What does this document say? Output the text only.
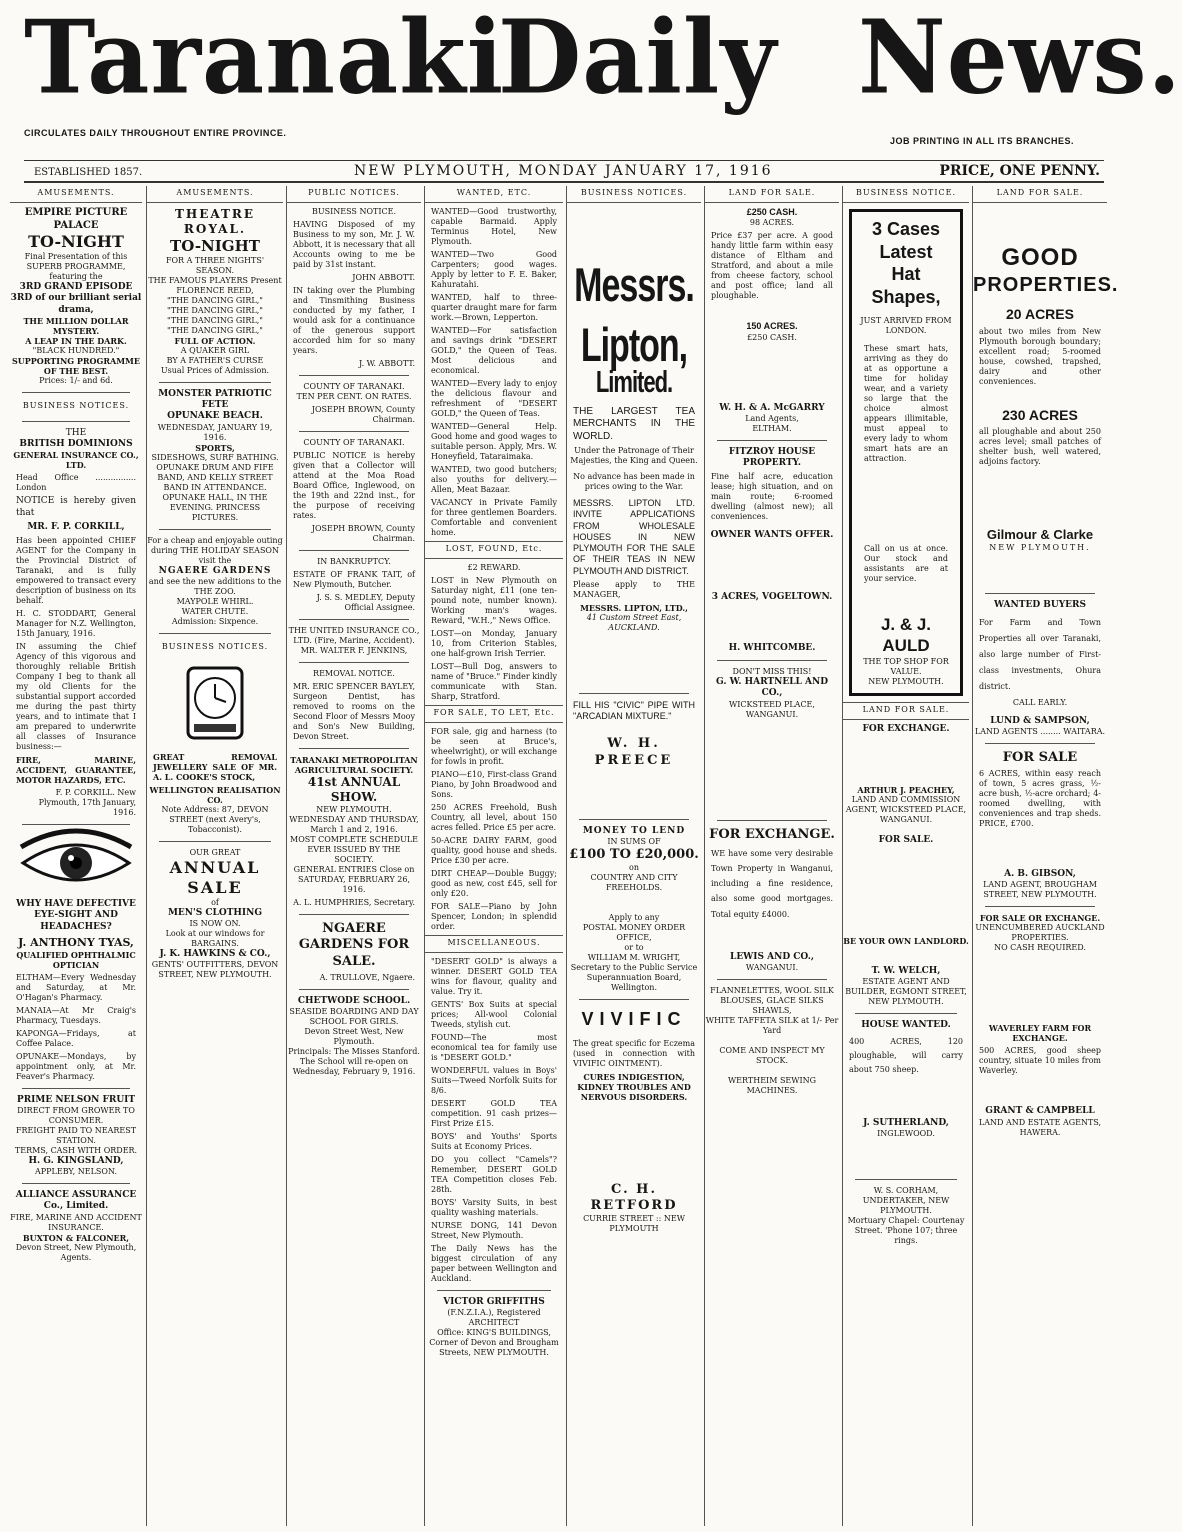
Taranaki
Daily News.
CIRCULATES DAILY THROUGHOUT ENTIRE PROVINCE.
JOB PRINTING IN ALL ITS BRANCHES.
ESTABLISHED 1857.	NEW PLYMOUTH, MONDAY JANUARY 17, 1916	PRICE, ONE PENNY.
AMUSEMENTS.
EMPIRE PICTURE PALACE
TO-NIGHT
Final Presentation of this SUPERB PROGRAMME, featuring the
3RD GRAND EPISODE 3RD of our brilliant serial drama,
THE MILLION DOLLAR MYSTERY.
A LEAP IN THE DARK.
"BLACK HUNDRED."
SUPPORTING PROGRAMME OF THE BEST.
Prices: 1/- and 6d.
BUSINESS NOTICES.
THE
BRITISH DOMINIONS
GENERAL INSURANCE CO., LTD.
Head Office ................ London
NOTICE is hereby given that
MR. F. P. CORKILL,
Has been appointed CHIEF AGENT for the Company in the Provincial District of Taranaki, and is fully empowered to transact every description of business on its behalf.
H. C. STODDART, General Manager for N.Z. Wellington, 15th January, 1916.
IN assuming the Chief Agency of this vigorous and thoroughly reliable British Company I beg to thank all my old Clients for the substantial support accorded me during the past thirty years, and to intimate that I am prepared to underwrite all classes of Insurance business:—
FIRE, MARINE, ACCIDENT, GUARANTEE, MOTOR HAZARDS, ETC.
F. P. CORKILL. New Plymouth, 17th January, 1916.
WHY HAVE DEFECTIVE EYE-SIGHT AND HEADACHES?
J. ANTHONY TYAS,
QUALIFIED OPHTHALMIC OPTICIAN
ELTHAM—Every Wednesday and Saturday, at Mr. O'Hagan's Pharmacy.
MANAIA—At Mr Craig's Pharmacy, Tuesdays.
KAPONGA—Fridays, at Coffee Palace.
OPUNAKE—Mondays, by appointment only, at Mr. Feaver's Pharmacy.
PRIME NELSON FRUIT
DIRECT FROM GROWER TO CONSUMER.
FREIGHT PAID TO NEAREST STATION.
TERMS, CASH WITH ORDER.
H. G. KINGSLAND,
APPLEBY, NELSON.
ALLIANCE ASSURANCE Co., Limited.
FIRE, MARINE AND ACCIDENT INSURANCE.
BUXTON & FALCONER,
Devon Street, New Plymouth, Agents.
AMUSEMENTS.
THEATRE ROYAL.
TO-NIGHT
FOR A THREE NIGHTS' SEASON.
THE FAMOUS PLAYERS Present FLORENCE REED,
"THE DANCING GIRL,"
"THE DANCING GIRL,"
"THE DANCING GIRL,"
"THE DANCING GIRL,"
FULL OF ACTION.
A QUAKER GIRL
BY A FATHER'S CURSE
Usual Prices of Admission.
MONSTER PATRIOTIC FETE
OPUNAKE BEACH.
WEDNESDAY, JANUARY 19, 1916.
SPORTS,
SIDESHOWS, SURF BATHING.
OPUNAKE DRUM AND FIFE BAND, AND KELLY STREET BAND IN ATTENDANCE.
OPUNAKE HALL, IN THE EVENING. PRINCESS PICTURES.
For a cheap and enjoyable outing during THE HOLIDAY SEASON visit the
NGAERE GARDENS
and see the new additions to the THE ZOO.
MAYPOLE WHIRL.
WATER CHUTE.
Admission: Sixpence.
BUSINESS NOTICES.
GREAT REMOVAL JEWELLERY SALE OF MR. A. L. COOKE'S STOCK,
WELLINGTON REALISATION CO.
Note Address: 87, DEVON STREET (next Avery's, Tobacconist).
OUR GREAT
ANNUAL SALE
of
MEN'S CLOTHING
IS NOW ON.
Look at our windows for BARGAINS.
J. K. HAWKINS & CO.,
GENTS' OUTFITTERS, DEVON STREET, NEW PLYMOUTH.
PUBLIC NOTICES.
BUSINESS NOTICE.
HAVING Disposed of my Business to my son, Mr. J. W. Abbott, it is necessary that all Accounts owing to me be paid by 31st instant.
JOHN ABBOTT.
IN taking over the Plumbing and Tinsmithing Business conducted by my father, I would ask for a continuance of the generous support accorded him for so many years.
J. W. ABBOTT.
COUNTY OF TARANAKI.
TEN PER CENT. ON RATES.
JOSEPH BROWN, County Chairman.
COUNTY OF TARANAKI.
PUBLIC NOTICE is hereby given that a Collector will attend at the Moa Road Board Office, Inglewood, on the 19th and 22nd inst., for the purpose of receiving rates.
JOSEPH BROWN, County Chairman.
IN BANKRUPTCY.
ESTATE OF FRANK TAIT, of New Plymouth, Butcher.
J. S. S. MEDLEY, Deputy Official Assignee.
THE UNITED INSURANCE CO., LTD. (Fire, Marine, Accident).
MR. WALTER F. JENKINS,
REMOVAL NOTICE.
MR. ERIC SPENCER BAYLEY, Surgeon Dentist, has removed to rooms on the Second Floor of Messrs Mooy and Son's New Building, Devon Street.
TARANAKI METROPOLITAN AGRICULTURAL SOCIETY.
41st ANNUAL SHOW.
NEW PLYMOUTH.
WEDNESDAY AND THURSDAY, March 1 and 2, 1916.
MOST COMPLETE SCHEDULE EVER ISSUED BY THE SOCIETY.
GENERAL ENTRIES Close on SATURDAY, FEBRUARY 26, 1916.
A. L. HUMPHRIES, Secretary.
NGAERE GARDENS FOR SALE.
A. TRULLOVE, Ngaere.
CHETWODE SCHOOL.
SEASIDE BOARDING AND DAY SCHOOL FOR GIRLS.
Devon Street West, New Plymouth.
Principals: The Misses Stanford.
The School will re-open on Wednesday, February 9, 1916.
WANTED, ETC.
WANTED—Good trustworthy, capable Barmaid. Apply Terminus Hotel, New Plymouth.
WANTED—Two Good Carpenters; good wages. Apply by letter to F. E. Baker, Kahuratahi.
WANTED, half to three-quarter draught mare for farm work.—Brown, Lepperton.
WANTED—For satisfaction and savings drink "DESERT GOLD," the Queen of Teas. Most delicious and economical.
WANTED—Every lady to enjoy the delicious flavour and refreshment of "DESERT GOLD," the Queen of Teas.
WANTED—General Help. Good home and good wages to suitable person. Apply, Mrs. W. Honeyfield, Tataraimaka.
WANTED, two good butchers; also youths for delivery.—Allen, Meat Bazaar.
VACANCY in Private Family for three gentlemen Boarders. Comfortable and convenient home.
LOST, FOUND, Etc.
£2 REWARD.
LOST in New Plymouth on Saturday night, £11 (one ten-pound note, number known). Working man's wages. Reward, "W.H.," News Office.
LOST—on Monday, January 10, from Criterion Stables, one half-grown Irish Terrier.
LOST—Bull Dog, answers to name of "Bruce." Finder kindly communicate with Stan. Sharp, Stratford.
FOR SALE, TO LET, Etc.
FOR sale, gig and harness (to be seen at Bruce's, wheelwright), or will exchange for fowls in profit.
PIANO—£10, First-class Grand Piano, by John Broadwood and Sons.
250 ACRES Freehold, Bush Country, all level, about 150 acres felled. Price £5 per acre.
50-ACRE DAIRY FARM, good quality, good house and sheds. Price £30 per acre.
DIRT CHEAP—Double Buggy; good as new, cost £45, sell for only £20.
FOR SALE—Piano by John Spencer, London; in splendid order.
MISCELLANEOUS.
"DESERT GOLD" is always a winner. DESERT GOLD TEA wins for flavour, quality and value. Try it.
GENTS' Box Suits at special prices; All-wool Colonial Tweeds, stylish cut.
FOUND—The most economical tea for family use is "DESERT GOLD."
WONDERFUL values in Boys' Suits—Tweed Norfolk Suits for 8/6.
DESERT GOLD TEA competition. 91 cash prizes—First Prize £15.
BOYS' and Youths' Sports Suits at Economy Prices.
DO you collect "Camels"? Remember, DESERT GOLD TEA Competition closes Feb. 28th.
BOYS' Varsity Suits, in best quality washing materials.
NURSE DONG, 141 Devon Street, New Plymouth.
The Daily News has the biggest circulation of any paper between Wellington and Auckland.
VICTOR GRIFFITHS
(F.N.Z.I.A.), Registered ARCHITECT
Office: KING'S BUILDINGS, Corner of Devon and Brougham Streets, NEW PLYMOUTH.
BUSINESS NOTICES.
Messrs. Lipton,
Limited.
THE LARGEST TEA MERCHANTS IN THE WORLD.
Under the Patronage of Their Majesties, the King and Queen.
No advance has been made in prices owing to the War.
MESSRS. LIPTON LTD. INVITE APPLICATIONS FROM WHOLESALE HOUSES IN NEW PLYMOUTH FOR THE SALE OF THEIR TEAS IN NEW PLYMOUTH AND DISTRICT.
Please apply to THE MANAGER,
MESSRS. LIPTON, LTD.,
41 Custom Street East, AUCKLAND.
FILL HIS "CIVIC" PIPE WITH "ARCADIAN MIXTURE."
W. H. PREECE
MONEY TO LEND
IN SUMS OF
£100 TO £20,000.
on
COUNTRY AND CITY FREEHOLDS.
Apply to any
POSTAL MONEY ORDER OFFICE,
or to
WILLIAM M. WRIGHT,
Secretary to the Public Service Superannuation Board, Wellington.
VIVIFIC
The great specific for Eczema (used in connection with VIVIFIC OINTMENT).
CURES INDIGESTION, KIDNEY TROUBLES AND NERVOUS DISORDERS.
C. H. RETFORD
CURRIE STREET :: NEW PLYMOUTH
LAND FOR SALE.
£250 CASH.
98 ACRES.
Price £37 per acre. A good handy little farm within easy distance of Eltham and Stratford, and about a mile from cheese factory, school and post office; land all ploughable.
150 ACRES.
£250 CASH.
W. H. & A. McGARRY
Land Agents,
ELTHAM.
FITZROY HOUSE PROPERTY.
Fine half acre, education lease; high situation, and on main route; 6-roomed dwelling (almost new); all conveniences.
OWNER WANTS OFFER.
3 ACRES, VOGELTOWN.
H. WHITCOMBE.
DON'T MISS THIS!
G. W. HARTNELL AND CO.,
WICKSTEED PLACE, WANGANUI.
FOR EXCHANGE.
WE have some very desirable Town Property in Wanganui, including a fine residence, also some good mortgages. Total equity £4000.
LEWIS AND CO.,
WANGANUI.
FLANNELETTES, WOOL SILK BLOUSES, GLACE SILKS SHAWLS,
WHITE TAFFETA SILK at 1/- Per Yard
COME AND INSPECT MY STOCK.
WERTHEIM SEWING MACHINES.
BUSINESS NOTICE.
3 Cases
Latest
Hat Shapes,
JUST ARRIVED FROM LONDON.
These smart hats, arriving as they do at as opportune a time for holiday wear, and a variety so large that the choice almost appears illimitable, must appeal to every lady to whom smart hats are an attraction.
Call on us at once. Our stock and assistants are at your service.
J. & J. AULD
THE TOP SHOP FOR VALUE.
NEW PLYMOUTH.
LAND FOR SALE.
FOR EXCHANGE.
ARTHUR J. PEACHEY,
LAND AND COMMISSION AGENT, WICKSTEED PLACE, WANGANUI.
FOR SALE.
BE YOUR OWN LANDLORD.
T. W. WELCH,
ESTATE AGENT AND BUILDER, EGMONT STREET, NEW PLYMOUTH.
HOUSE WANTED.
400 ACRES, 120 ploughable, will carry about 750 sheep.
J. SUTHERLAND,
INGLEWOOD.
W. S. CORHAM,
UNDERTAKER, NEW PLYMOUTH.
Mortuary Chapel: Courtenay Street. 'Phone 107; three rings.
LAND FOR SALE.
GOOD
PROPERTIES.
20 ACRES
about two miles from New Plymouth borough boundary; excellent road; 5-roomed house, cowshed, trapshed, dairy and other conveniences.
230 ACRES
all ploughable and about 250 acres level; small patches of shelter bush, well watered, adjoins factory.
Gilmour & Clarke
NEW PLYMOUTH.
WANTED BUYERS
For Farm and Town Properties all over Taranaki, also large number of First-class investments, Ohura district.
CALL EARLY.
LUND & SAMPSON,
LAND AGENTS ........ WAITARA.
FOR SALE
6 ACRES, within easy reach of town, 5 acres grass, ½-acre bush, ½-acre orchard; 4-roomed dwelling, with conveniences and trap sheds. PRICE, £700.
A. B. GIBSON,
LAND AGENT, BROUGHAM STREET, NEW PLYMOUTH.
FOR SALE OR EXCHANGE.
UNENCUMBERED AUCKLAND PROPERTIES.
NO CASH REQUIRED.
WAVERLEY FARM FOR EXCHANGE.
500 ACRES, good sheep country, situate 10 miles from Waverley.
GRANT & CAMPBELL
LAND AND ESTATE AGENTS, HAWERA.
